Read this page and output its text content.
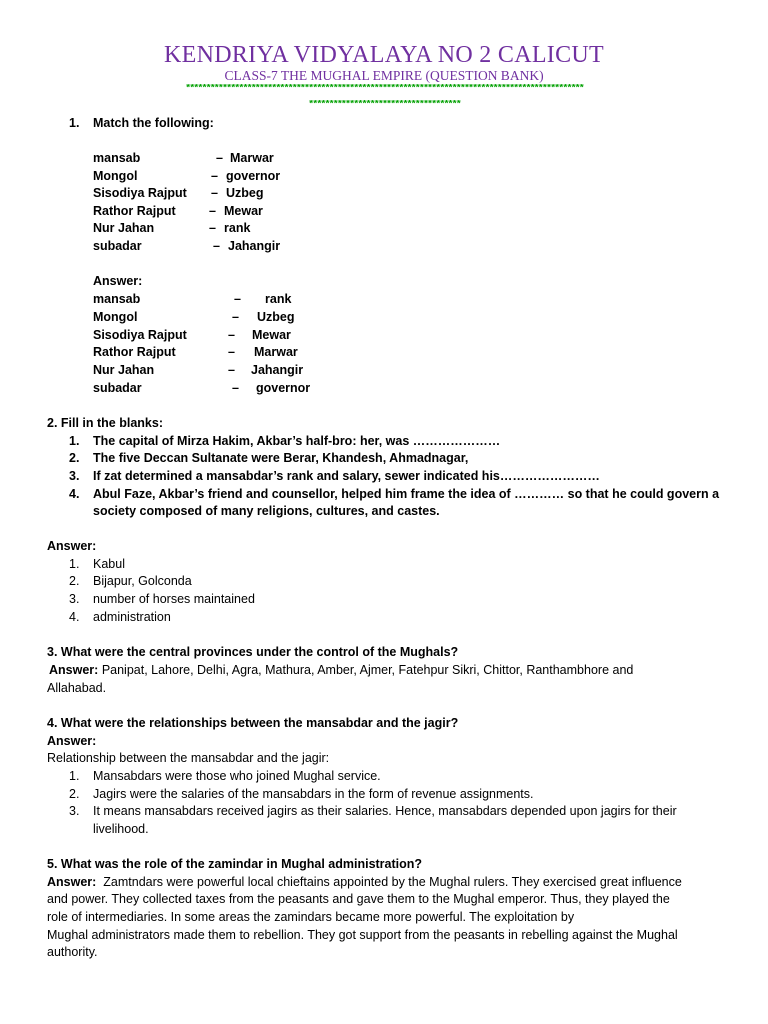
KENDRIYA VIDYALAYA NO 2 CALICUT
CLASS-7 THE MUGHAL EMPIRE (QUESTION BANK)
*************************************************************************************************
*************************************
1. Match the following:
mansab	– Marwar
Mongol	– governor
Sisodiya Rajput – Uzbeg
Rathor Rajput	– Mewar
Nur Jahan	– rank
subadar	– Jahangir
Answer:
mansab	– rank
Mongol	– Uzbeg
Sisodiya Rajput	– Mewar
Rathor Rajput	– Marwar
Nur Jahan	– Jahangir
subadar	– governor
2. Fill in the blanks:
1. The capital of Mirza Hakim, Akbar’s half-bro: her, was …………………
2. The five Deccan Sultanate were Berar, Khandesh, Ahmadnagar,
3. If zat determined a mansabdar’s rank and salary, sewer indicated his……………………
4. Abul Faze, Akbar’s friend and counsellor, helped him frame the idea of ………… so that he could govern a
society composed of many religions, cultures, and castes.
Answer:
1. Kabul
2. Bijapur, Golconda
3. number of horses maintained
4. administration
3. What were the central provinces under the control of the Mughals?
Answer: Panipat, Lahore, Delhi, Agra, Mathura, Amber, Ajmer, Fatehpur Sikri, Chittor, Ranthambhore and
Allahabad.
4. What were the relationships between the mansabdar and the jagir?
Answer:
Relationship between the mansabdar and the jagir:
1. Mansabdars were those who joined Mughal service.
2. Jagirs were the salaries of the mansabdars in the form of revenue assignments.
3. It means mansabdars received jagirs as their salaries. Hence, mansabdars depended upon jagirs for their
livelihood.
5. What was the role of the zamindar in Mughal administration?
Answer: Zamtndars were powerful local chieftains appointed by the Mughal rulers. They exercised great influence
and power. They collected taxes from the peasants and gave them to the Mughal emperor. Thus, they played the
role of intermediaries. In some areas the zamindars became more powerful. The exploitation by
Mughal administrators made them to rebellion. They got support from the peasants in rebelling against the Mughal
authority.
